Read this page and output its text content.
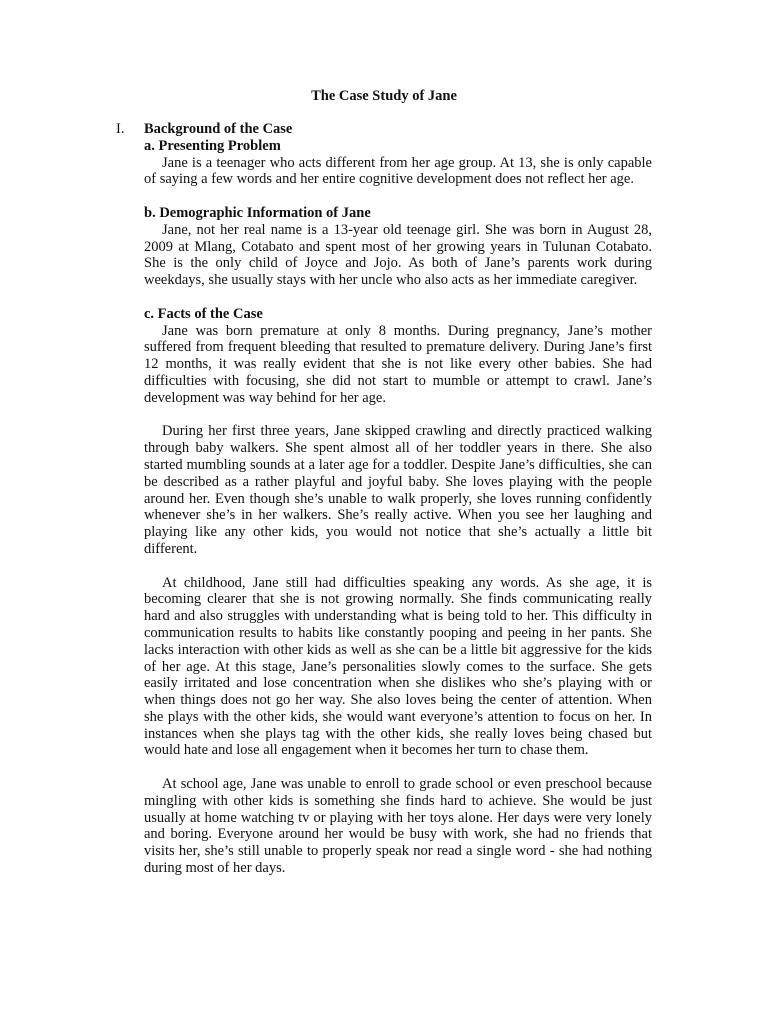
The Case Study of Jane
I. Background of the Case
a. Presenting Problem

Jane is a teenager who acts different from her age group. At 13, she is only capable of saying a few words and her entire cognitive development does not reflect her age.

b. Demographic Information of Jane

Jane, not her real name is a 13-year old teenage girl. She was born in August 28, 2009 at Mlang, Cotabato and spent most of her growing years in Tulunan Cotabato. She is the only child of Joyce and Jojo. As both of Jane’s parents work during weekdays, she usually stays with her uncle who also acts as her immediate caregiver.

c. Facts of the Case

Jane was born premature at only 8 months. During pregnancy, Jane’s mother suffered from frequent bleeding that resulted to premature delivery. During Jane’s first 12 months, it was really evident that she is not like every other babies. She had difficulties with focusing, she did not start to mumble or attempt to crawl. Jane’s development was way behind for her age.

During her first three years, Jane skipped crawling and directly practiced walking through baby walkers. She spent almost all of her toddler years in there. She also started mumbling sounds at a later age for a toddler. Despite Jane’s difficulties, she can be described as a rather playful and joyful baby. She loves playing with the people around her. Even though she’s unable to walk properly, she loves running confidently whenever she’s in her walkers. She’s really active. When you see her laughing and playing like any other kids, you would not notice that she’s actually a little bit different.

At childhood, Jane still had difficulties speaking any words. As she age, it is becoming clearer that she is not growing normally. She finds communicating really hard and also struggles with understanding what is being told to her. This difficulty in communication results to habits like constantly pooping and peeing in her pants. She lacks interaction with other kids as well as she can be a little bit aggressive for the kids of her age. At this stage, Jane’s personalities slowly comes to the surface. She gets easily irritated and lose concentration when she dislikes who she’s playing with or when things does not go her way. She also loves being the center of attention. When she plays with the other kids, she would want everyone’s attention to focus on her. In instances when she plays tag with the other kids, she really loves being chased but would hate and lose all engagement when it becomes her turn to chase them.

At school age, Jane was unable to enroll to grade school or even preschool because mingling with other kids is something she finds hard to achieve. She would be just usually at home watching tv or playing with her toys alone. Her days were very lonely and boring. Everyone around her would be busy with work, she had no friends that visits her, she’s still unable to properly speak nor read a single word - she had nothing during most of her days.
